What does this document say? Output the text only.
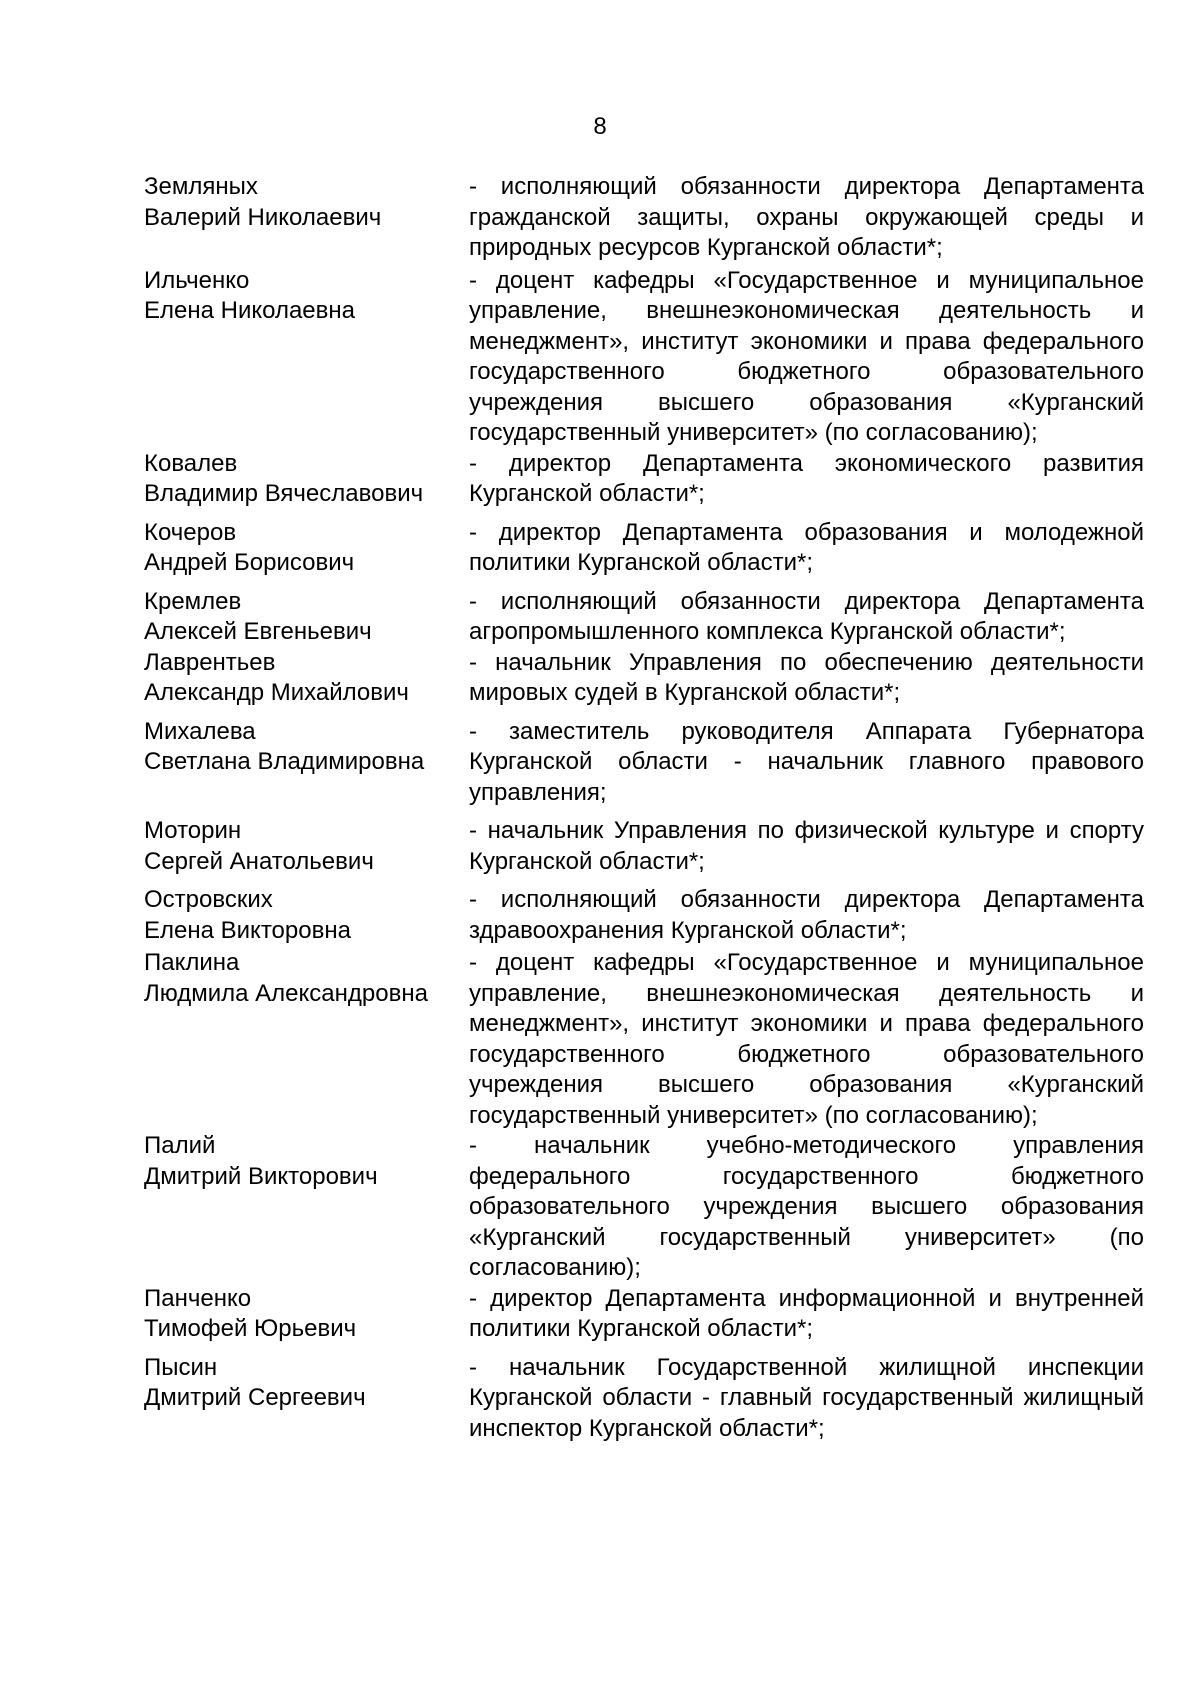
8
Земляных
Валерий Николаевич
- исполняющий обязанности директора Департамента гражданской защиты, охраны окружающей среды и природных ресурсов Курганской области*;
Ильченко
Елена Николаевна
- доцент кафедры «Государственное и муниципальное управление, внешнеэкономическая деятельность и менеджмент», институт экономики и права федерального государственного бюджетного образовательного учреждения высшего образования «Курганский государственный университет» (по согласованию);
Ковалев
Владимир Вячеславович
- директор Департамента экономического развития Курганской области*;
Кочеров
Андрей Борисович
- директор Департамента образования и молодежной политики Курганской области*;
Кремлев
Алексей Евгеньевич
- исполняющий обязанности директора Департамента агропромышленного комплекса Курганской области*;
Лаврентьев
Александр Михайлович
- начальник Управления по обеспечению деятельности мировых судей в Курганской области*;
Михалева
Светлана Владимировна
- заместитель руководителя Аппарата Губернатора Курганской области - начальник главного правового управления;
Моторин
Сергей Анатольевич
- начальник Управления по физической культуре и спорту Курганской области*;
Островских
Елена Викторовна
- исполняющий обязанности директора Департамента здравоохранения Курганской области*;
Паклина
Людмила Александровна
- доцент кафедры «Государственное и муниципальное управление, внешнеэкономическая деятельность и менеджмент», институт экономики и права федерального государственного бюджетного образовательного учреждения высшего образования «Курганский государственный университет» (по согласованию);
Палий
Дмитрий Викторович
- начальник учебно-методического управления федерального государственного бюджетного образовательного учреждения высшего образования «Курганский государственный университет» (по согласованию);
Панченко
Тимофей Юрьевич
- директор Департамента информационной и внутренней политики Курганской области*;
Пысин
Дмитрий Сергеевич
- начальник Государственной жилищной инспекции Курганской области - главный государственный жилищный инспектор Курганской области*;
